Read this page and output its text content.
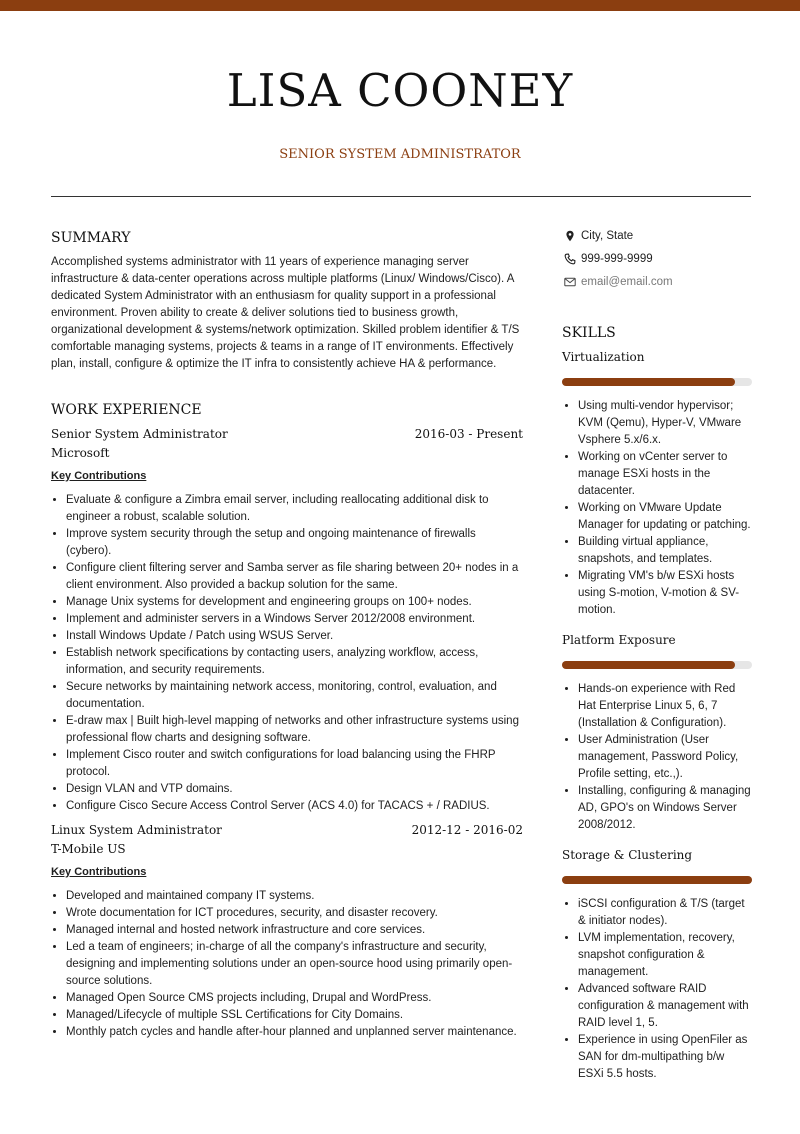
LISA COONEY
SENIOR SYSTEM ADMINISTRATOR
SUMMARY

Accomplished systems administrator with 11 years of experience managing server infrastructure & data-center operations across multiple platforms (Linux/ Windows/Cisco). A dedicated System Administrator with an enthusiasm for quality support in a professional environment. Proven ability to create & deliver solutions tied to business growth, organizational development & systems/network optimization. Skilled problem identifier & T/S comfortable managing systems, projects & teams in a range of IT environments. Effectively plan, install, configure & optimize the IT infra to consistently achieve HA & performance.

WORK EXPERIENCE
Senior System Administrator	2016-03 - Present
Microsoft
Key Contributions
• Evaluate & configure a Zimbra email server, including reallocating additional disk to engineer a robust, scalable solution.
• Improve system security through the setup and ongoing maintenance of firewalls (cybero).
• Configure client filtering server and Samba server as file sharing between 20+ nodes in a client environment. Also provided a backup solution for the same.
• Manage Unix systems for development and engineering groups on 100+ nodes.
• Implement and administer servers in a Windows Server 2012/2008 environment.
• Install Windows Update / Patch using WSUS Server.
• Establish network specifications by contacting users, analyzing workflow, access, information, and security requirements.
• Secure networks by maintaining network access, monitoring, control, evaluation, and documentation.
• E-draw max | Built high-level mapping of networks and other infrastructure systems using professional flow charts and designing software.
• Implement Cisco router and switch configurations for load balancing using the FHRP protocol.
• Design VLAN and VTP domains.
• Configure Cisco Secure Access Control Server (ACS 4.0) for TACACS + / RADIUS.
Linux System Administrator	2012-12 - 2016-02
T-Mobile US
Key Contributions
• Developed and maintained company IT systems.
• Wrote documentation for ICT procedures, security, and disaster recovery.
• Managed internal and hosted network infrastructure and core services.
• Led a team of engineers; in-charge of all the company's infrastructure and security, designing and implementing solutions under an open-source hood using primarily open-source solutions.
• Managed Open Source CMS projects including, Drupal and WordPress.
• Managed/Lifecycle of multiple SSL Certifications for City Domains.
• Monthly patch cycles and handle after-hour planned and unplanned server maintenance.
City, State
999-999-9999
email@email.com
SKILLS
Virtualization
• Using multi-vendor hypervisor; KVM (Qemu), Hyper-V, VMware Vsphere 5.x/6.x.
• Working on vCenter server to manage ESXi hosts in the datacenter.
• Working on VMware Update Manager for updating or patching.
• Building virtual appliance, snapshots, and templates.
• Migrating VM's b/w ESXi hosts using S-motion, V-motion & SV-motion.
Platform Exposure
• Hands-on experience with Red Hat Enterprise Linux 5, 6, 7 (Installation & Configuration).
• User Administration (User management, Password Policy, Profile setting, etc.,).
• Installing, configuring & managing AD, GPO's on Windows Server 2008/2012.
Storage & Clustering
• iSCSI configuration & T/S (target & initiator nodes).
• LVM implementation, recovery, snapshot configuration & management.
• Advanced software RAID configuration & management with RAID level 1, 5.
• Experience in using OpenFiler as SAN for dm-multipathing b/w ESXi 5.5 hosts.
